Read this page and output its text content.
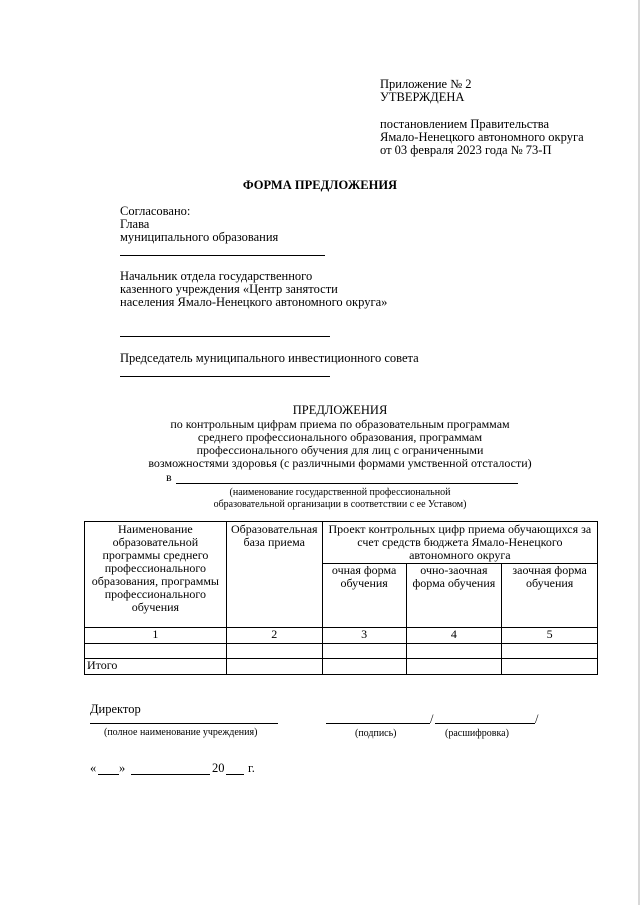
Приложение № 2
УТВЕРЖДЕНА
постановлением Правительства
Ямало-Ненецкого автономного округа
от 03 февраля 2023 года № 73-П
ФОРМА ПРЕДЛОЖЕНИЯ
Согласовано:
Глава
муниципального образования
Начальник отдела государственного
казенного учреждения «Центр занятости
населения Ямало-Ненецкого автономного округа»
Председатель муниципального инвестиционного совета
ПРЕДЛОЖЕНИЯ
по контрольным цифрам приема по образовательным программам
среднего профессионального образования, программам
профессионального обучения для лиц с ограниченными
возможностями здоровья (с различными формами умственной отсталости)
в
(наименование государственной профессиональной
образовательной организации в соответствии с ее Уставом)
Наименование образовательной программы среднего профессионального образования, программы профессионального обучения	Образовательная база приема	Проект контрольных цифр приема обучающихся за счет средств бюджета Ямало-Ненецкого автономного округа		
		очная форма обучения	очно-заочная форма обучения	заочная форма обучения
1	2	3	4	5

Итого				
Директор
(полное наименование учреждения)
/	/
(подпись)	(расшифровка)
« »	20 г.
